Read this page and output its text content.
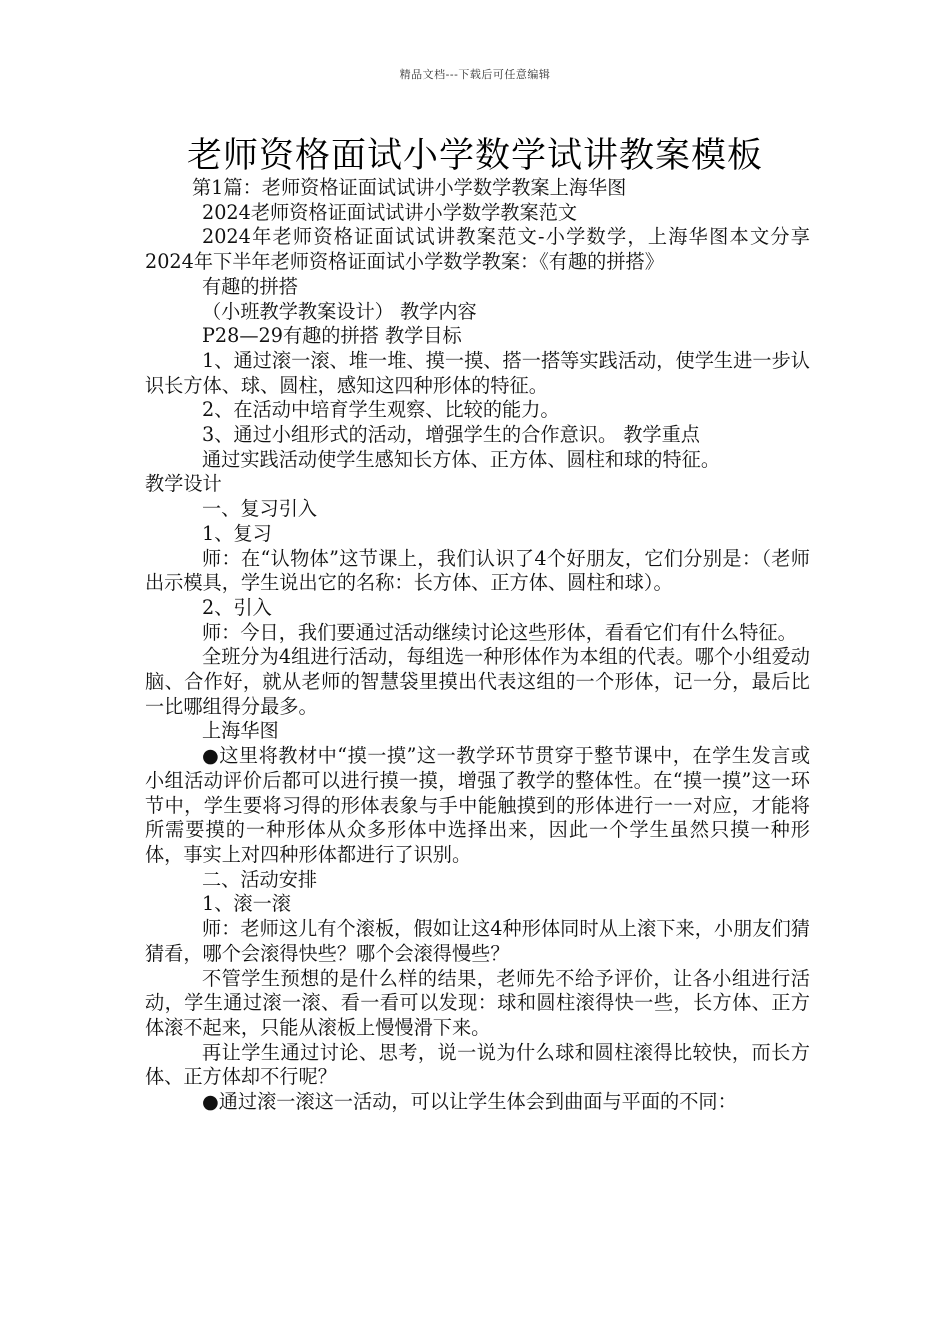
精品文档---下载后可任意编辑
老师资格面试小学数学试讲教案模板

第1篇：老师资格证面试试讲小学数学教案上海华图

2024老师资格证面试试讲小学数学教案范文

2024年老师资格证面试试讲教案范文-小学数学，上海华图本文分享2024年下半年老师资格证面试小学数学教案：《有趣的拼搭》

有趣的拼搭

（小班教学教案设计） 教学内容

P28—29有趣的拼搭 教学目标

1、通过滚一滚、堆一堆、摸一摸、搭一搭等实践活动，使学生进一步认识长方体、球、圆柱，感知这四种形体的特征。

2、在活动中培育学生观察、比较的能力。

3、通过小组形式的活动，增强学生的合作意识。 教学重点

通过实践活动使学生感知长方体、正方体、圆柱和球的特征。

教学设计

一、复习引入

1、复习

师：在“认物体”这节课上，我们认识了4个好朋友，它们分别是：（老师出示模具，学生说出它的名称：长方体、正方体、圆柱和球）。

2、引入

师：今日，我们要通过活动继续讨论这些形体，看看它们有什么特征。

全班分为4组进行活动，每组选一种形体作为本组的代表。哪个小组爱动脑、合作好，就从老师的智慧袋里摸出代表这组的一个形体，记一分，最后比一比哪组得分最多。

上海华图

●这里将教材中“摸一摸”这一教学环节贯穿于整节课中，在学生发言或小组活动评价后都可以进行摸一摸，增强了教学的整体性。在“摸一摸”这一环节中，学生要将习得的形体表象与手中能触摸到的形体进行一一对应，才能将所需要摸的一种形体从众多形体中选择出来，因此一个学生虽然只摸一种形体，事实上对四种形体都进行了识别。

二、活动安排

1、滚一滚

师：老师这儿有个滚板，假如让这4种形体同时从上滚下来，小朋友们猜猜看，哪个会滚得快些？哪个会滚得慢些？

不管学生预想的是什么样的结果，老师先不给予评价，让各小组进行活动，学生通过滚一滚、看一看可以发现：球和圆柱滚得快一些，长方体、正方体滚不起来，只能从滚板上慢慢滑下来。

再让学生通过讨论、思考，说一说为什么球和圆柱滚得比较快，而长方体、正方体却不行呢？

●通过滚一滚这一活动，可以让学生体会到曲面与平面的不同：
